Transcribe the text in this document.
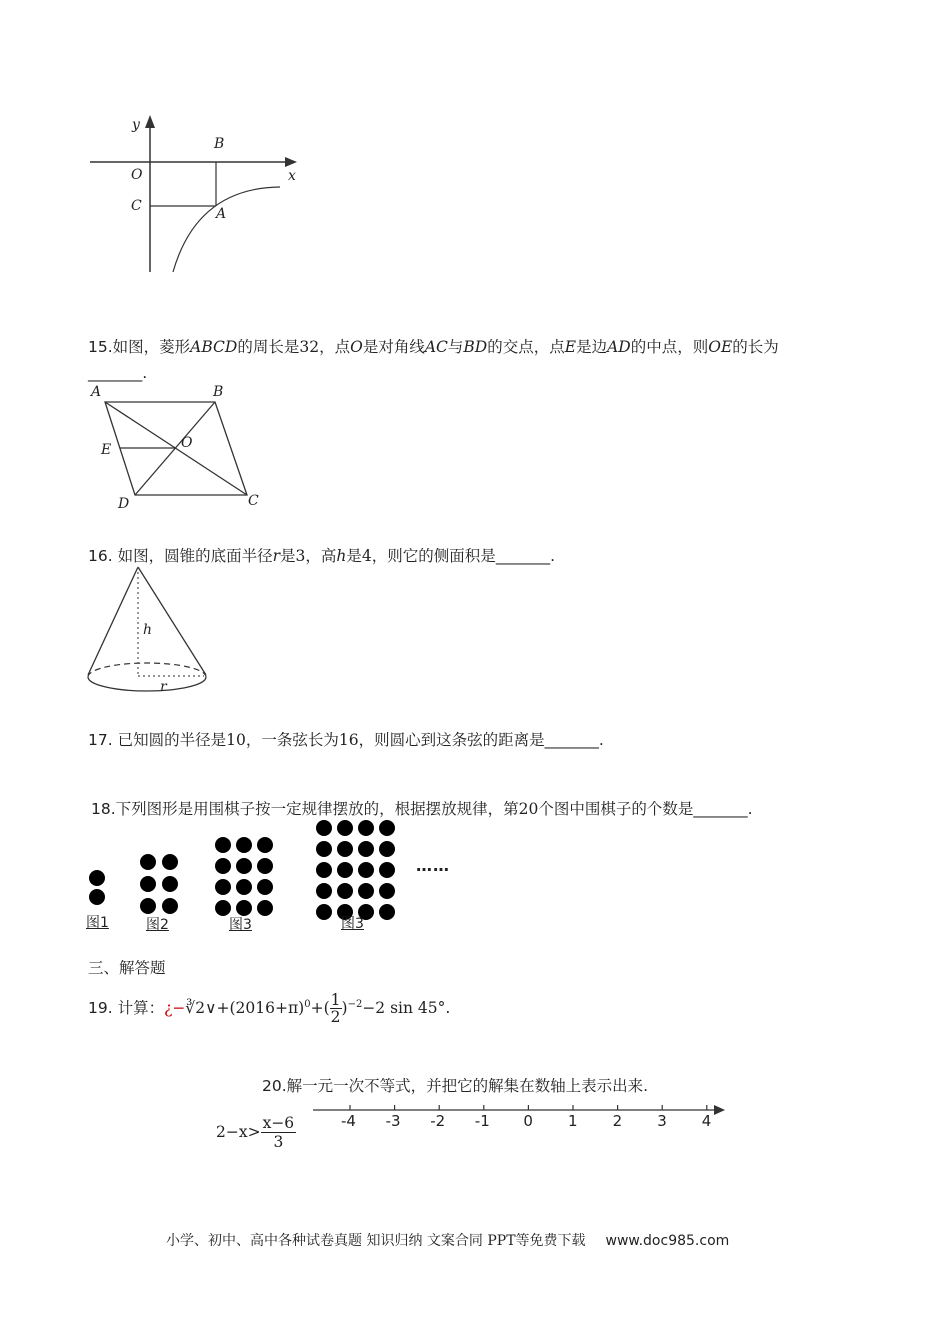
y
x
O
B
C	A
15.如图，菱形ABCD的周长是32，点O是对角线AC与BD的交点，点E是边AD的中点，则OE的长为
_______.
A	B
E	O
D	C
16. 如图，圆锥的底面半径r是3，高h是4，则它的侧面积是_______.
h
r
17. 已知圆的半径是10，一条弦长为16，则圆心到这条弦的距离是_______.
18.下列图形是用围棋子按一定规律摆放的，根据摆放规律，第20个图中围棋子的个数是_______.
……
图1	图2	图3	图3
三、解答题
19. 计算：¿$-∛2\vee+(2016+\pi)^0+( \frac{1}{2} )^{-2}-2$ sin 45°.
20.解一元一次不等式，并把它的解集在数轴上表示出来.
$2-x> \frac{x-6}{3}$	-4 -3 -2 -1 0 1 2 3 4
小学、初中、高中各种试卷真题 知识归纳 文案合同 PPT等免费下载 www.doc985.com
